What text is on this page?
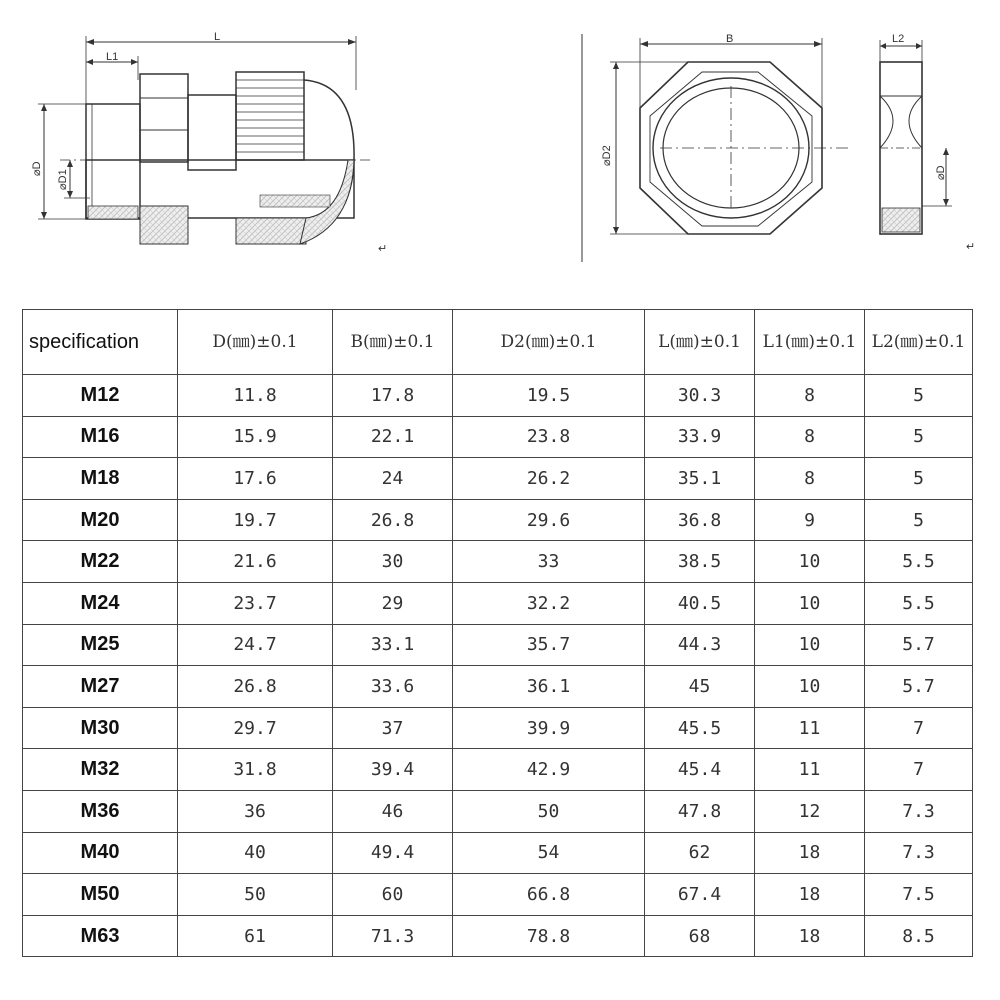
L
L1
⌀D
⌀D1
↵
B
⌀D2
L2
⌀D
↵
specification	D(㎜)±0.1	B(㎜)±0.1	D2(㎜)±0.1	L(㎜)±0.1	L1(㎜)±0.1	L2(㎜)±0.1
M12	11.8	17.8	19.5	30.3	8	5
M16	15.9	22.1	23.8	33.9	8	5
M18	17.6	24	26.2	35.1	8	5
M20	19.7	26.8	29.6	36.8	9	5
M22	21.6	30	33	38.5	10	5.5
M24	23.7	29	32.2	40.5	10	5.5
M25	24.7	33.1	35.7	44.3	10	5.7
M27	26.8	33.6	36.1	45	10	5.7
M30	29.7	37	39.9	45.5	11	7
M32	31.8	39.4	42.9	45.4	11	7
M36	36	46	50	47.8	12	7.3
M40	40	49.4	54	62	18	7.3
M50	50	60	66.8	67.4	18	7.5
M63	61	71.3	78.8	68	18	8.5
